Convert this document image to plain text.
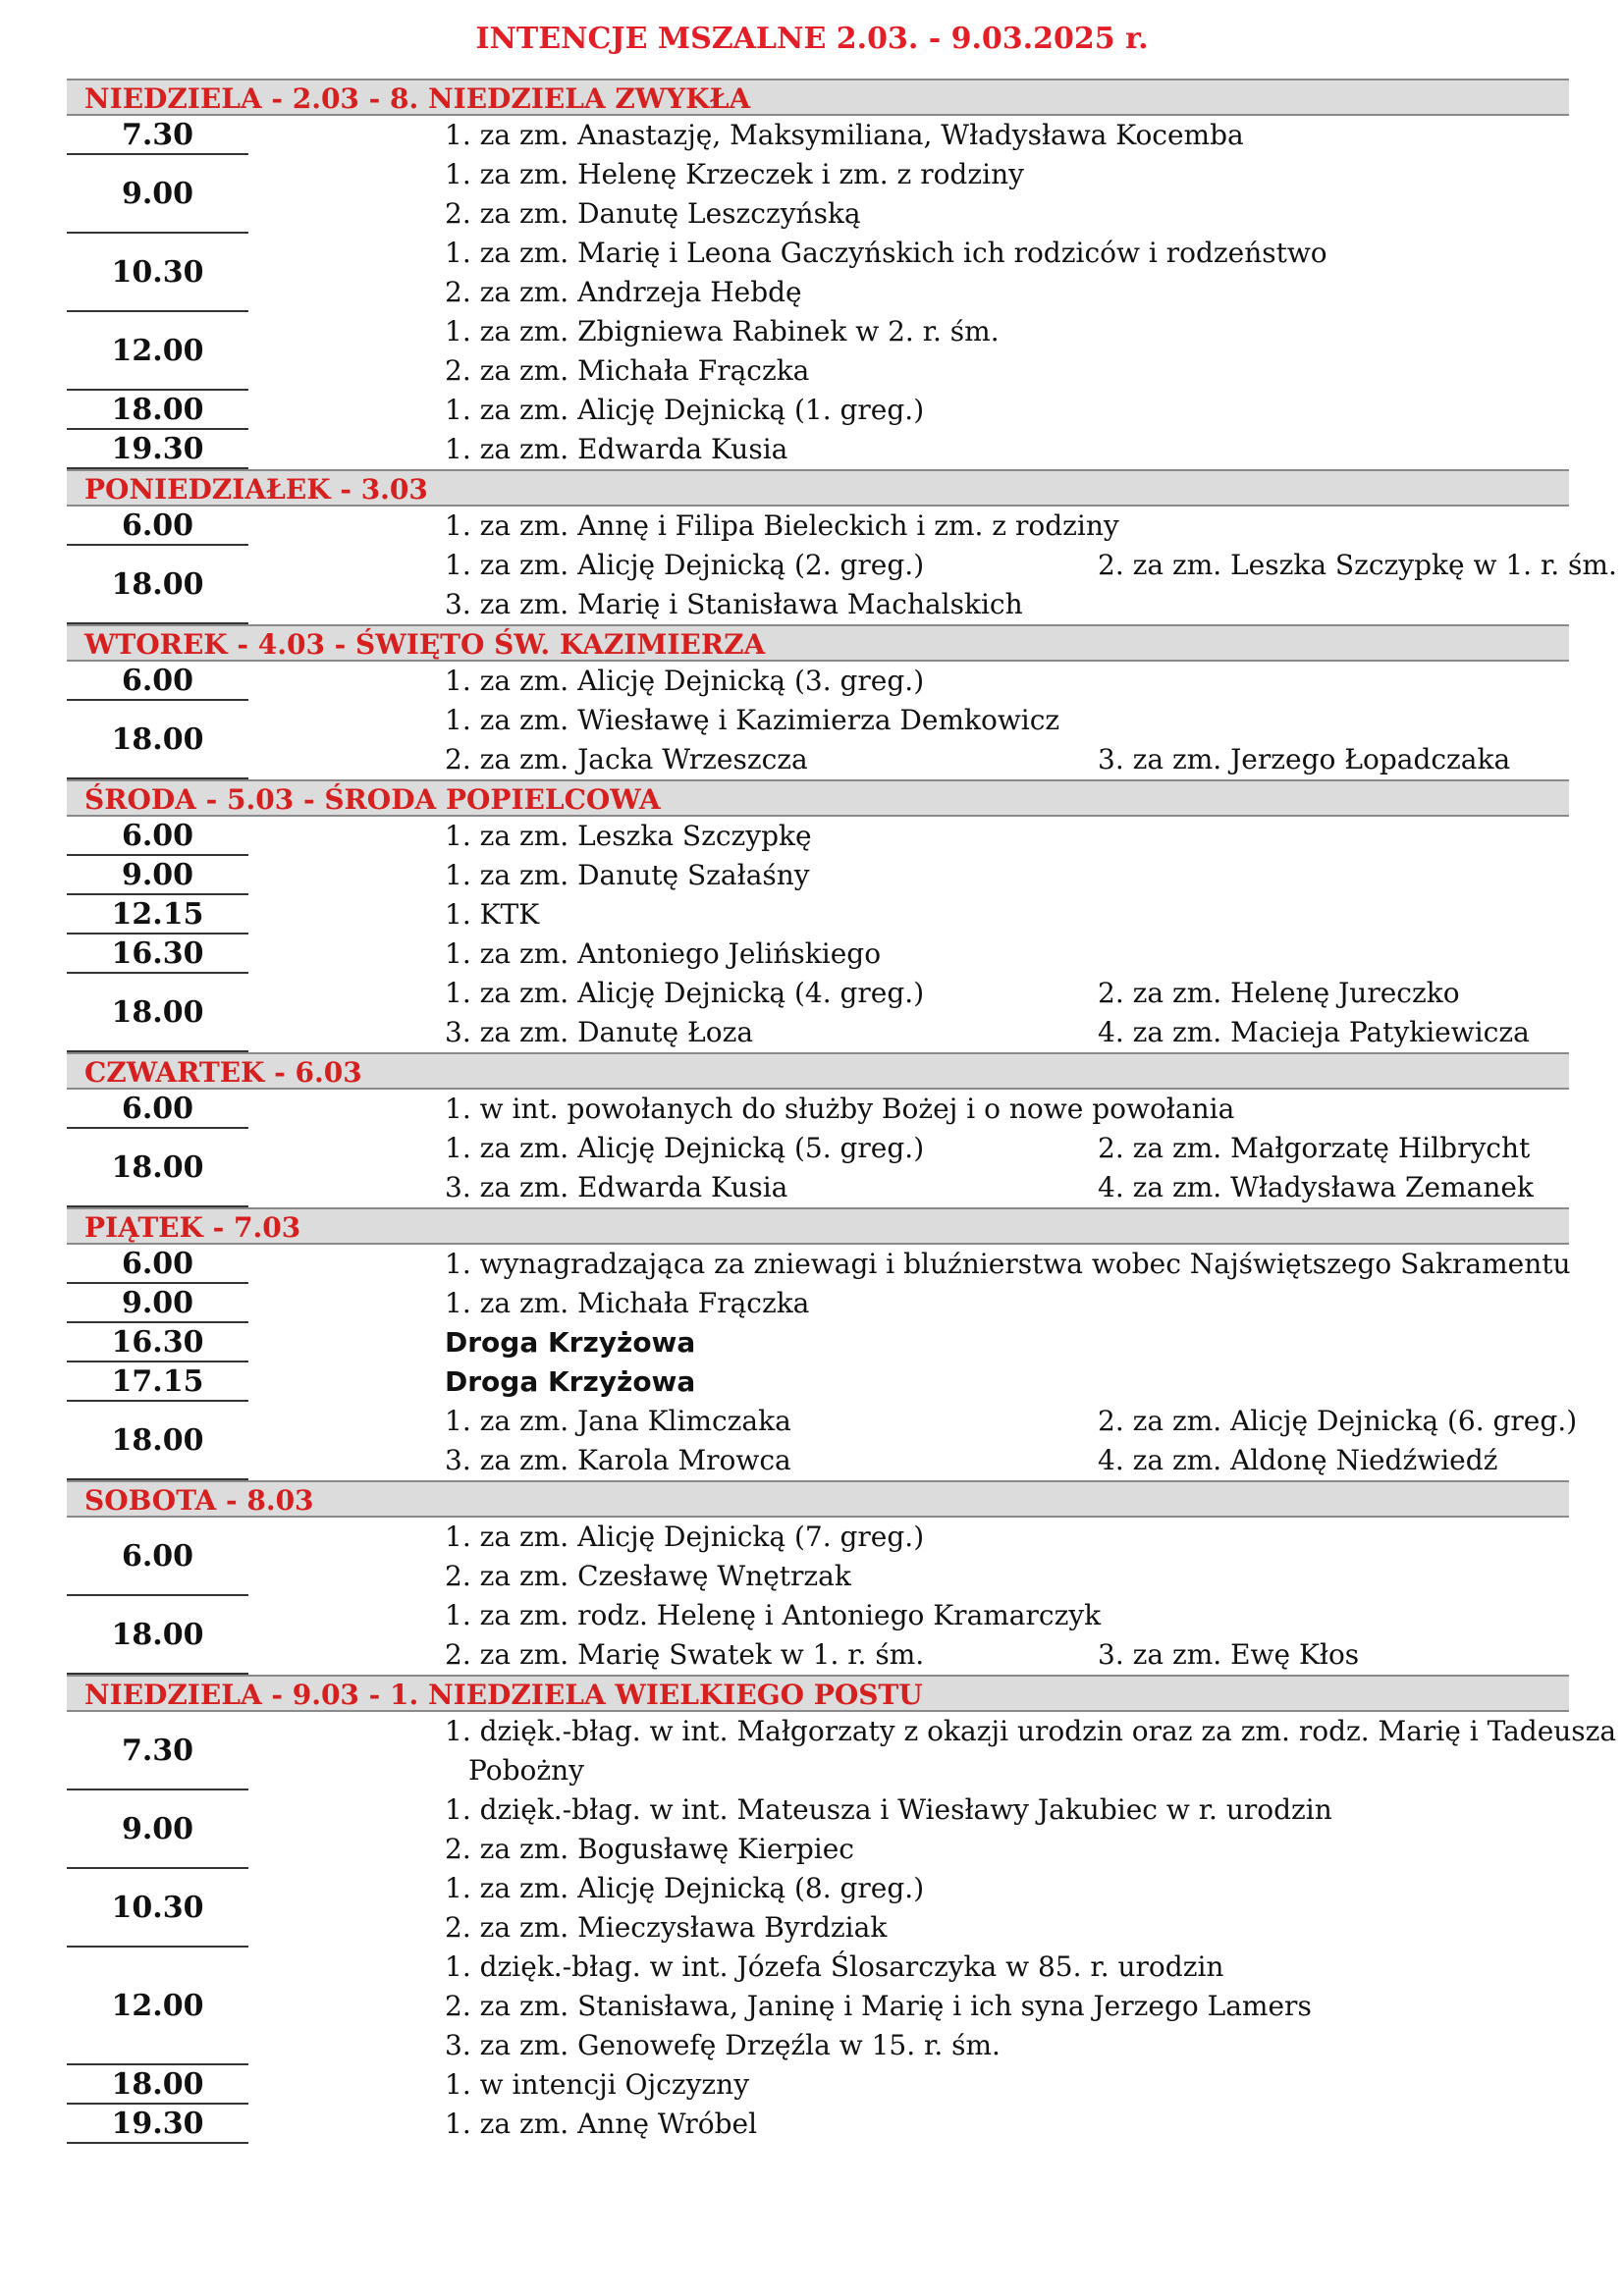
INTENCJE MSZALNE 2.03. - 9.03.2025 r.
NIEDZIELA - 2.03 - 8. NIEDZIELA ZWYKŁA
7.30	1. za zm. Anastazję, Maksymiliana, Władysława Kocemba
9.00
1. za zm. Helenę Krzeczek i zm. z rodziny
2. za zm. Danutę Leszczyńską
10.30
1. za zm. Marię i Leona Gaczyńskich ich rodziców i rodzeństwo
2. za zm. Andrzeja Hebdę
12.00
1. za zm. Zbigniewa Rabinek w 2. r. śm.
2. za zm. Michała Frączka
18.00	1. za zm. Alicję Dejnicką (1. greg.)
19.30	1. za zm. Edwarda Kusia
PONIEDZIAŁEK - 3.03
6.00	1. za zm. Annę i Filipa Bieleckich i zm. z rodziny
18.00
1. za zm. Alicję Dejnicką (2. greg.)	2. za zm. Leszka Szczypkę w 1. r. śm.
3. za zm. Marię i Stanisława Machalskich
WTOREK - 4.03 - ŚWIĘTO ŚW. KAZIMIERZA
6.00	1. za zm. Alicję Dejnicką (3. greg.)
18.00
1. za zm. Wiesławę i Kazimierza Demkowicz
2. za zm. Jacka Wrzeszcza	3. za zm. Jerzego Łopadczaka
ŚRODA - 5.03 - ŚRODA POPIELCOWA
6.00	1. za zm. Leszka Szczypkę
9.00	1. za zm. Danutę Szałaśny
12.15	1. KTK
16.30	1. za zm. Antoniego Jelińskiego
18.00
1. za zm. Alicję Dejnicką (4. greg.)	2. za zm. Helenę Jureczko
3. za zm. Danutę Łoza	4. za zm. Macieja Patykiewicza
CZWARTEK - 6.03
6.00	1. w int. powołanych do służby Bożej i o nowe powołania
18.00
1. za zm. Alicję Dejnicką (5. greg.)	2. za zm. Małgorzatę Hilbrycht
3. za zm. Edwarda Kusia	4. za zm. Władysława Zemanek
PIĄTEK - 7.03
6.00	1. wynagradzająca za zniewagi i bluźnierstwa wobec Najświętszego Sakramentu
9.00	1. za zm. Michała Frączka
16.30	Droga Krzyżowa
17.15	Droga Krzyżowa
18.00
1. za zm. Jana Klimczaka	2. za zm. Alicję Dejnicką (6. greg.)
3. za zm. Karola Mrowca	4. za zm. Aldonę Niedźwiedź
SOBOTA - 8.03
6.00
1. za zm. Alicję Dejnicką (7. greg.)
2. za zm. Czesławę Wnętrzak
18.00
1. za zm. rodz. Helenę i Antoniego Kramarczyk
2. za zm. Marię Swatek w 1. r. śm.	3. za zm. Ewę Kłos
NIEDZIELA - 9.03 - 1. NIEDZIELA WIELKIEGO POSTU
7.30
1. dzięk.-błag. w int. Małgorzaty z okazji urodzin oraz za zm. rodz. Marię i Tadeusza
Pobożny
9.00
1. dzięk.-błag. w int. Mateusza i Wiesławy Jakubiec w r. urodzin
2. za zm. Bogusławę Kierpiec
10.30
1. za zm. Alicję Dejnicką (8. greg.)
2. za zm. Mieczysława Byrdziak
12.00
1. dzięk.-błag. w int. Józefa Ślosarczyka w 85. r. urodzin
2. za zm. Stanisława, Janinę i Marię i ich syna Jerzego Lamers
3. za zm. Genowefę Drzęźla w 15. r. śm.
18.00	1. w intencji Ojczyzny
19.30	1. za zm. Annę Wróbel
